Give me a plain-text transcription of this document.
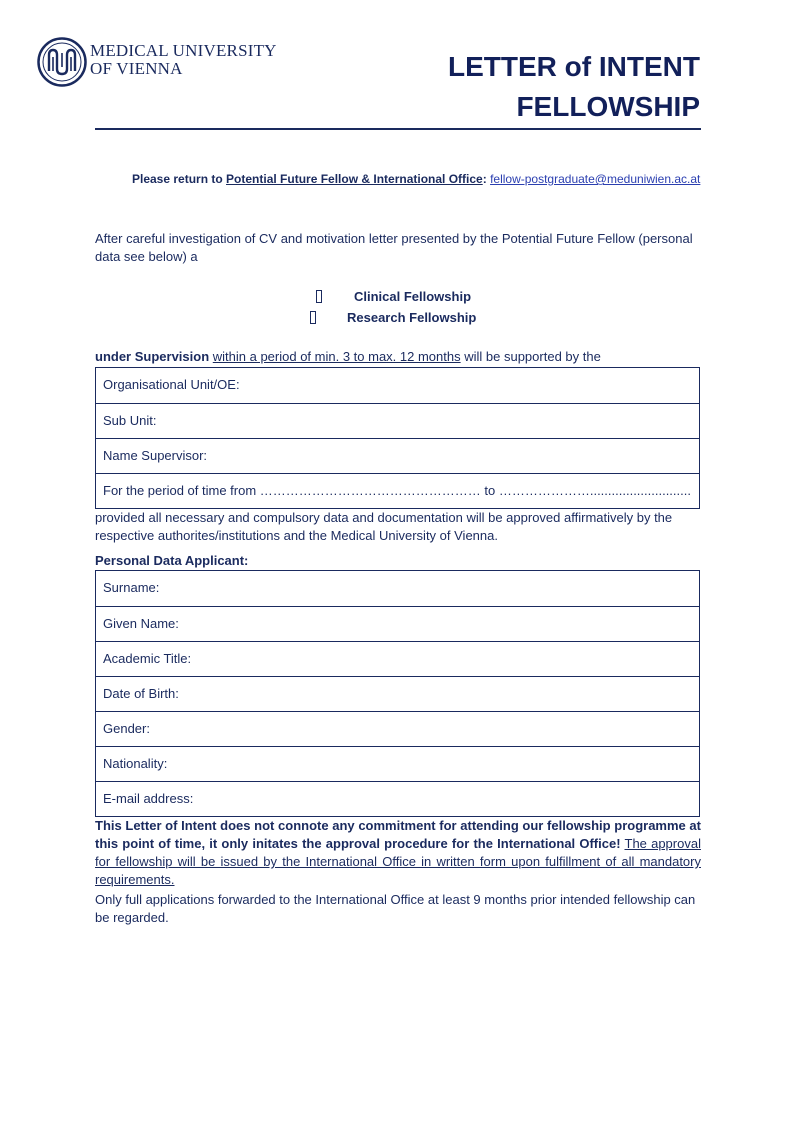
MEDICAL UNIVERSITY
OF VIENNA	LETTER of INTENT
FELLOWSHIP
Please return to Potential Future Fellow & International Office: fellow-postgraduate@meduniwien.ac.at
After careful investigation of CV and motivation letter presented by the Potential Future Fellow (personal data see below) a
Clinical Fellowship
Research Fellowship
under Supervision within a period of min. 3 to max. 12 months will be supported by the
Organisational Unit/OE:
Sub Unit:
Name Supervisor:
For the period of time from …………………………………………… to …………………............................
provided all necessary and compulsory data and documentation will be approved affirmatively by the respective authorites/institutions and the Medical University of Vienna.
Personal Data Applicant:
Surname:
Given Name:
Academic Title:
Date of Birth:
Gender:
Nationality:
E-mail address:
This Letter of Intent does not connote any commitment for attending our fellowship programme at this point of time, it only initates the approval procedure for the International Office! The approval for fellowship will be issued by the International Office in written form upon fulfillment of all mandatory requirements.
Only full applications forwarded to the International Office at least 9 months prior intended fellowship can be regarded.
